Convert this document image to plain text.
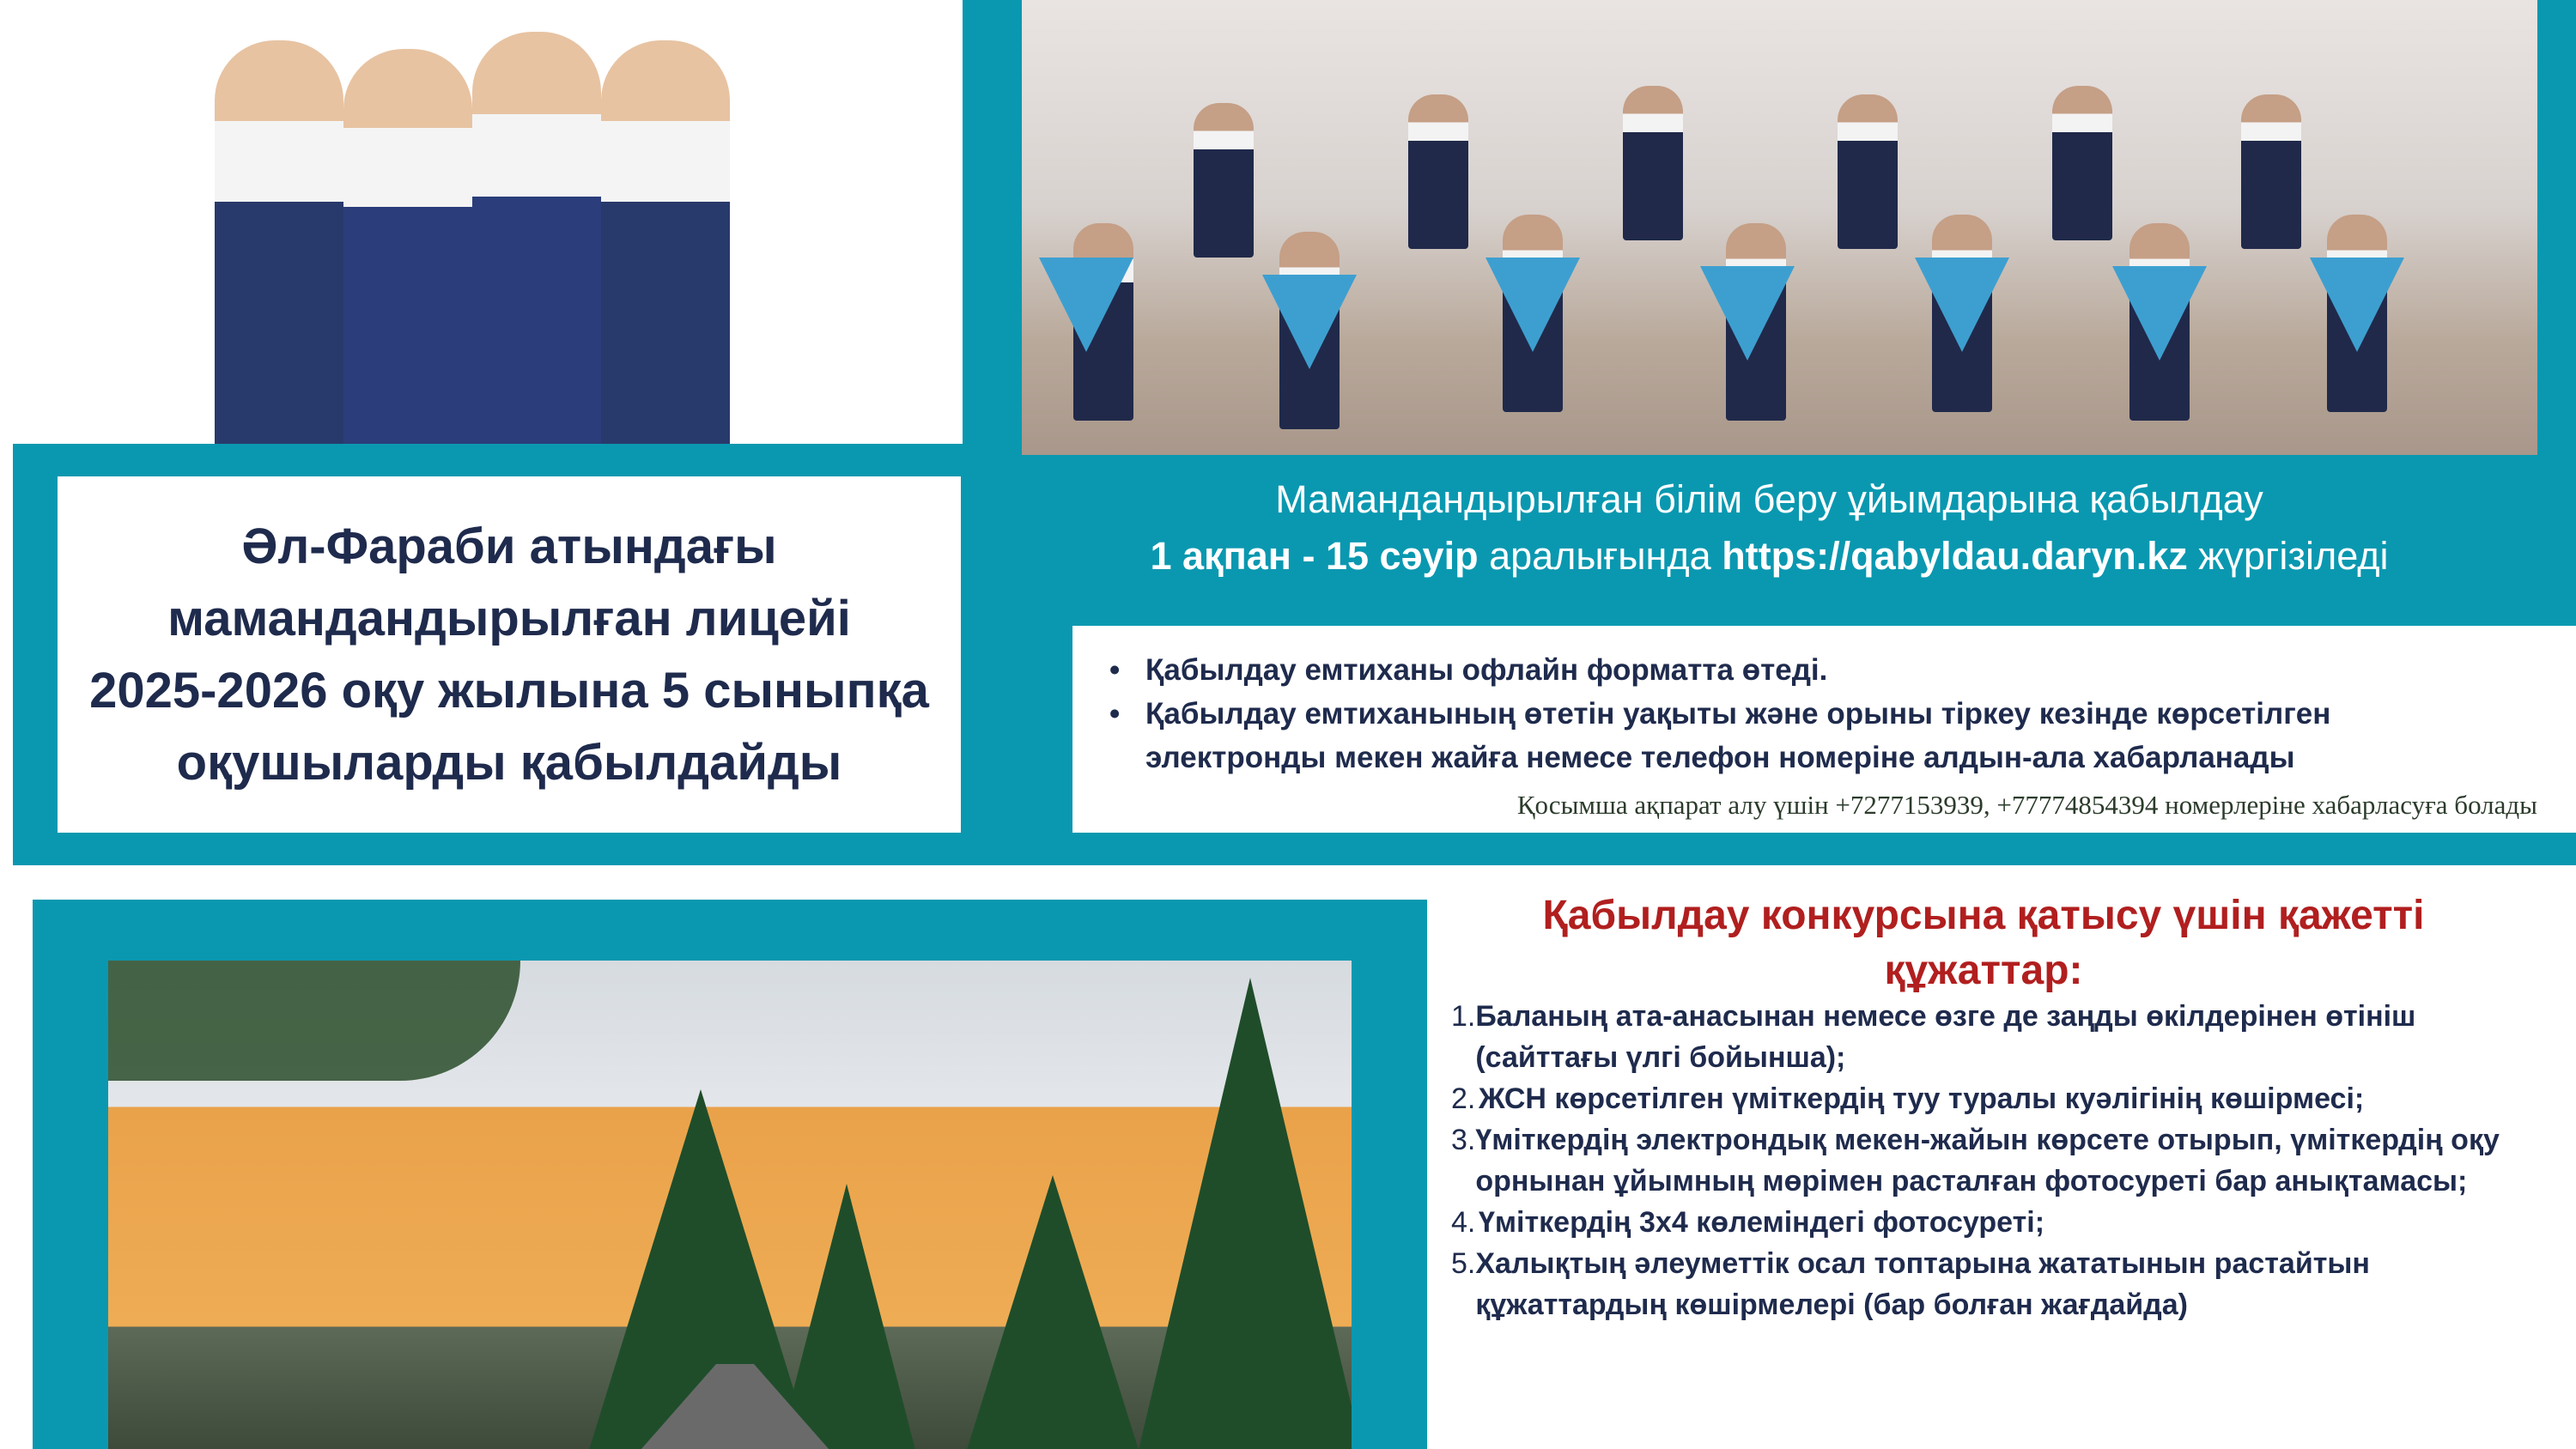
Әл-Фараби атындағы
мамандандырылған лицейі
2025-2026 оқу жылына 5 сыныпқа
оқушыларды қабылдайды
Мамандандырылған білім беру ұйымдарына қабылдау
1 ақпан - 15 сәуір аралығында https://qabyldau.daryn.kz жүргізіледі
• Қабылдау емтиханы офлайн форматта өтеді.
• Қабылдау емтиханының өтетін уақыты және орыны тіркеу кезінде көрсетілген электронды мекен жайға немесе телефон номеріне алдын-ала хабарланады
Қосымша ақпарат алу үшін +7277153939, +77774854394 номерлеріне хабарласуға болады
Қабылдау конкурсына қатысу үшін қажетті құжаттар:
1. Баланың ата-анасынан немесе өзге де заңды өкілдерінен өтініш (сайттағы үлгі бойынша);
2. ЖСН көрсетілген үміткердің туу туралы куәлігінің көшірмесі;
3. Үміткердің электрондық мекен-жайын көрсете отырып, үміткердің оқу орнынан ұйымның мөрімен расталған фотосуреті бар анықтамасы;
4. Үміткердің 3х4 көлеміндегі фотосуреті;
5. Халықтың әлеуметтік осал топтарына жататынын растайтын құжаттардың көшірмелері (бар болған жағдайда)
